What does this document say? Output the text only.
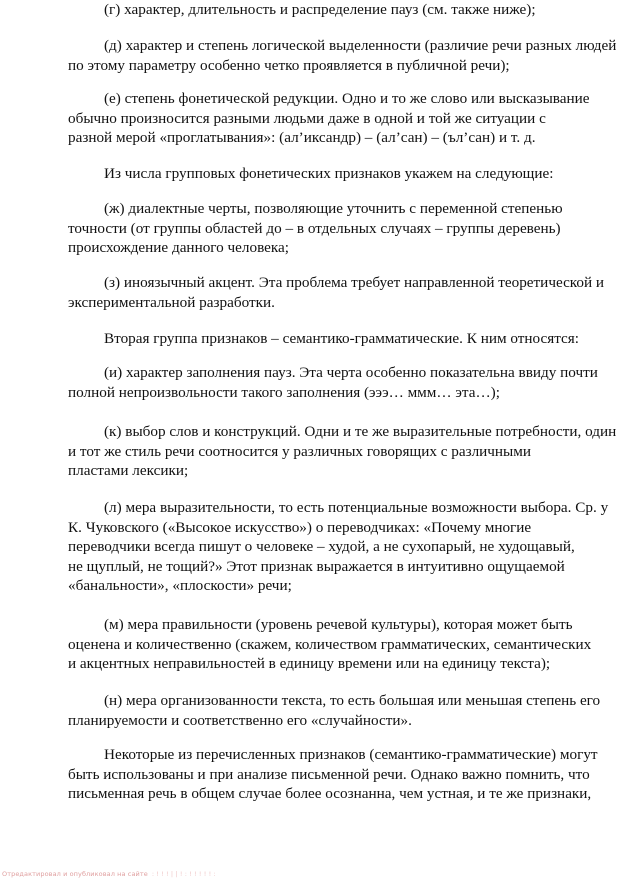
(г) характер, длительность и распределение пауз (см. также ниже);

(д) характер и степень логической выделенности (различие речи разных людей
по этому параметру особенно четко проявляется в публичной речи);

(е) степень фонетической редукции. Одно и то же слово или высказывание
обычно произносится разными людьми даже в одной и той же ситуации с
разной мерой «проглатывания»: (ал’иксандр) – (ал’сан) – (ъл’сан) и т. д.

Из числа групповых фонетических признаков укажем на следующие:

(ж) диалектные черты, позволяющие уточнить с переменной степенью
точности (от группы областей до – в отдельных случаях – группы деревень)
происхождение данного человека;

(з) иноязычный акцент. Эта проблема требует направленной теоретической и
экспериментальной разработки.

Вторая группа признаков – семантико-грамматические. К ним относятся:

(и) характер заполнения пауз. Эта черта особенно показательна ввиду почти
полной непроизвольности такого заполнения (эээ… ммм… эта…);

(к) выбор слов и конструкций. Одни и те же выразительные потребности, один
и тот же стиль речи соотносится у различных говорящих с различными
пластами лексики;

(л) мера выразительности, то есть потенциальные возможности выбора. Ср. у
К. Чуковского («Высокое искусство») о переводчиках: «Почему многие
переводчики всегда пишут о человеке – худой, а не сухопарый, не худощавый,
не щуплый, не тощий?» Этот признак выражается в интуитивно ощущаемой
«банальности», «плоскости» речи;

(м) мера правильности (уровень речевой культуры), которая может быть
оценена и количественно (скажем, количеством грамматических, семантических
и акцентных неправильностей в единицу времени или на единицу текста);

(н) мера организованности текста, то есть большая или меньшая степень его
планируемости и соответственно его «случайности».

Некоторые из перечисленных признаков (семантико-грамматические) могут
быть использованы и при анализе письменной речи. Однако важно помнить, что
письменная речь в общем случае более осознанна, чем устная, и те же признаки,

Отредактировал и опубликовал на сайте : ! ! ! | | ! : ! ! ! ! ! :
